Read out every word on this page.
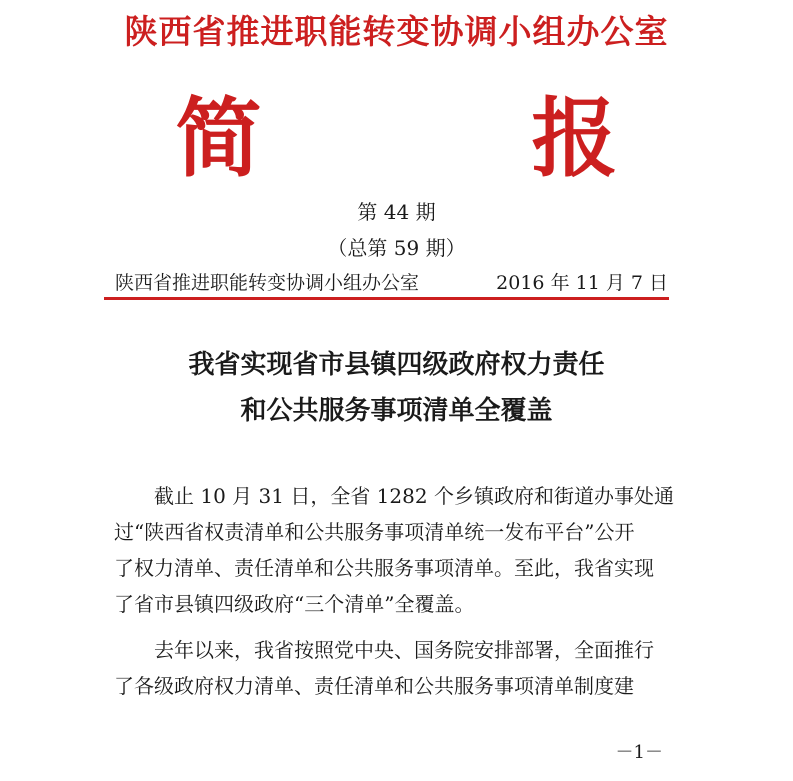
陕西省推进职能转变协调小组办公室
简 报
第 44 期
（总第 59 期）
陕西省推进职能转变协调小组办公室	2016 年 11 月 7 日
我省实现省市县镇四级政府权力责任
和公共服务事项清单全覆盖
截止 10 月 31 日，全省 1282 个乡镇政府和街道办事处通
过“陕西省权责清单和公共服务事项清单统一发布平台”公开
了权力清单、责任清单和公共服务事项清单。至此，我省实现
了省市县镇四级政府“三个清单”全覆盖。
去年以来，我省按照党中央、国务院安排部署，全面推行
了各级政府权力清单、责任清单和公共服务事项清单制度建
－1－
